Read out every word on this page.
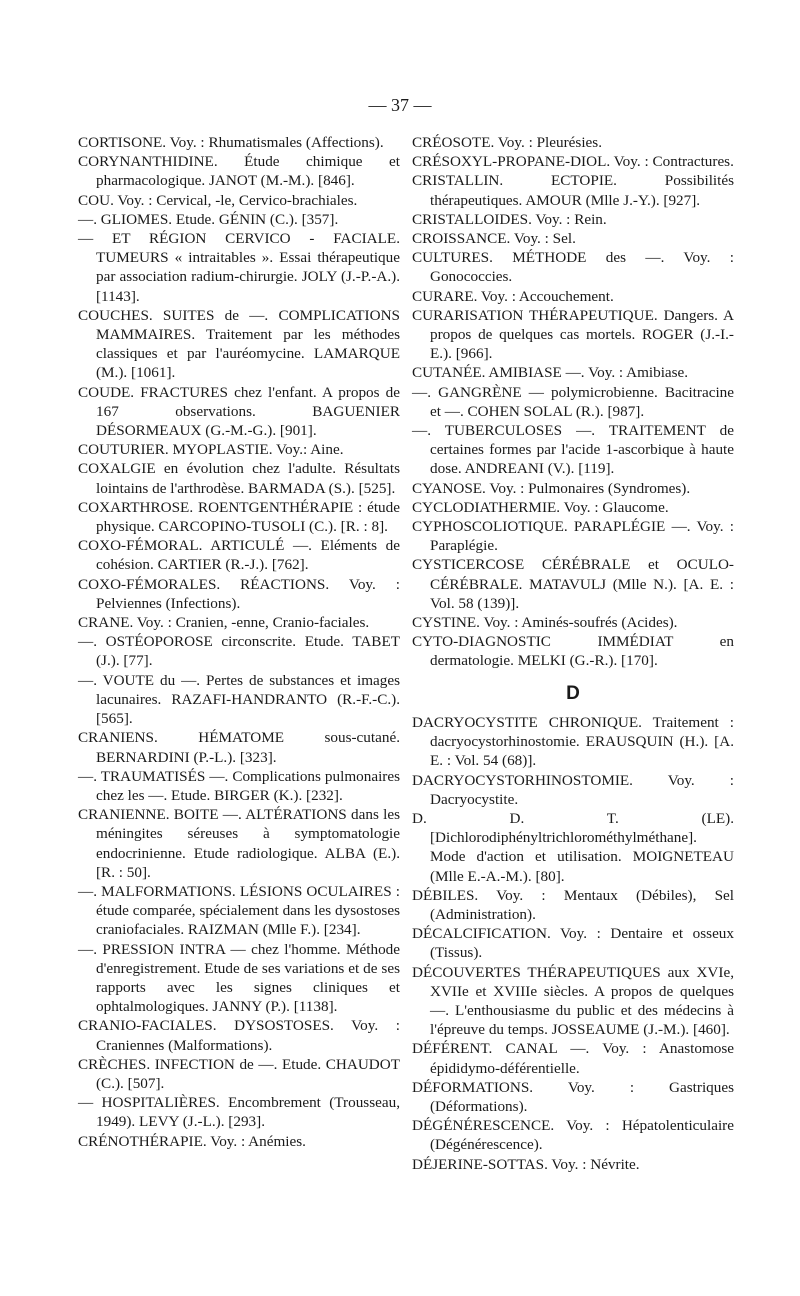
— 37 —

CORTISONE. Voy. : Rhumatismales (Affections).

CORYNANTHIDINE. Étude chimique et pharmacologique. JANOT (M.-M.). [846].

COU. Voy. : Cervical, -le, Cervico-brachiales.

—. GLIOMES. Etude. GÉNIN (C.). [357].

— ET RÉGION CERVICO - FACIALE. TUMEURS « intraitables ». Essai thérapeutique par association radium-chirurgie. JOLY (J.-P.-A.). [1143].

COUCHES. SUITES de —. COMPLICATIONS MAMMAIRES. Traitement par les méthodes classiques et par l'auréomycine. LAMARQUE (M.). [1061].

COUDE. FRACTURES chez l'enfant. A propos de 167 observations. BAGUENIER DÉSORMEAUX (G.-M.-G.). [901].

COUTURIER. MYOPLASTIE. Voy.: Aine.

COXALGIE en évolution chez l'adulte. Résultats lointains de l'arthrodèse. BARMADA (S.). [525].

COXARTHROSE. ROENTGENTHÉRAPIE : étude physique. CARCOPINO-TUSOLI (C.). [R. : 8].

COXO-FÉMORAL. ARTICULÉ —. Eléments de cohésion. CARTIER (R.-J.). [762].

COXO-FÉMORALES. RÉACTIONS. Voy. : Pelviennes (Infections).

CRANE. Voy. : Cranien, -enne, Cranio-faciales.

—. OSTÉOPOROSE circonscrite. Etude. TABET (J.). [77].

—. VOUTE du —. Pertes de substances et images lacunaires. RAZAFI-HANDRANTO (R.-F.-C.). [565].

CRANIENS. HÉMATOME sous-cutané. BERNARDINI (P.-L.). [323].

—. TRAUMATISÉS —. Complications pulmonaires chez les —. Etude. BIRGER (K.). [232].

CRANIENNE. BOITE —. ALTÉRATIONS dans les méningites séreuses à symptomatologie endocrinienne. Etude radiologique. ALBA (E.). [R. : 50].

—. MALFORMATIONS. LÉSIONS OCULAIRES : étude comparée, spécialement dans les dysostoses craniofaciales. RAIZMAN (Mlle F.). [234].

—. PRESSION INTRA — chez l'homme. Méthode d'enregistrement. Etude de ses variations et de ses rapports avec les signes cliniques et ophtalmologiques. JANNY (P.). [1138].

CRANIO-FACIALES. DYSOSTOSES. Voy. : Craniennes (Malformations).

CRÈCHES. INFECTION de —. Etude. CHAUDOT (C.). [507].

— HOSPITALIÈRES. Encombrement (Trousseau, 1949). LEVY (J.-L.). [293].

CRÉNOTHÉRAPIE. Voy. : Anémies.

CRÉOSOTE. Voy. : Pleurésies.

CRÉSOXYL-PROPANE-DIOL. Voy. : Contractures.

CRISTALLIN. ECTOPIE. Possibilités thérapeutiques. AMOUR (Mlle J.-Y.). [927].

CRISTALLOIDES. Voy. : Rein.

CROISSANCE. Voy. : Sel.

CULTURES. MÉTHODE des —. Voy. : Gonococcies.

CURARE. Voy. : Accouchement.

CURARISATION THÉRAPEUTIQUE. Dangers. A propos de quelques cas mortels. ROGER (J.-I.-E.). [966].

CUTANÉE. AMIBIASE —. Voy. : Amibiase.

—. GANGRÈNE — polymicrobienne. Bacitracine et —. COHEN SOLAL (R.). [987].

—. TUBERCULOSES —. TRAITEMENT de certaines formes par l'acide 1-ascorbique à haute dose. ANDREANI (V.). [119].

CYANOSE. Voy. : Pulmonaires (Syndromes).

CYCLODIATHERMIE. Voy. : Glaucome.

CYPHOSCOLIOTIQUE. PARAPLÉGIE —. Voy. : Paraplégie.

CYSTICERCOSE CÉRÉBRALE et OCULO-CÉRÉBRALE. MATAVULJ (Mlle N.). [A. E. : Vol. 58 (139)].

CYSTINE. Voy. : Aminés-soufrés (Acides).

CYTO-DIAGNOSTIC IMMÉDIAT en dermatologie. MELKI (G.-R.). [170].

D

DACRYOCYSTITE CHRONIQUE. Traitement : dacryocystorhinostomie. ERAUSQUIN (H.). [A. E. : Vol. 54 (68)].

DACRYOCYSTORHINOSTOMIE. Voy. : Dacryocystite.

D. D. T. (LE). [Dichlorodiphényltrichlorométhylméthane]. Mode d'action et utilisation. MOIGNETEAU (Mlle E.-A.-M.). [80].

DÉBILES. Voy. : Mentaux (Débiles), Sel (Administration).

DÉCALCIFICATION. Voy. : Dentaire et osseux (Tissus).

DÉCOUVERTES THÉRAPEUTIQUES aux XVIe, XVIIe et XVIIIe siècles. A propos de quelques —. L'enthousiasme du public et des médecins à l'épreuve du temps. JOSSEAUME (J.-M.). [460].

DÉFÉRENT. CANAL —. Voy. : Anastomose épididymo-déférentielle.

DÉFORMATIONS. Voy. : Gastriques (Déformations).

DÉGÉNÉRESCENCE. Voy. : Hépatolenticulaire (Dégénérescence).

DÉJERINE-SOTTAS. Voy. : Névrite.
